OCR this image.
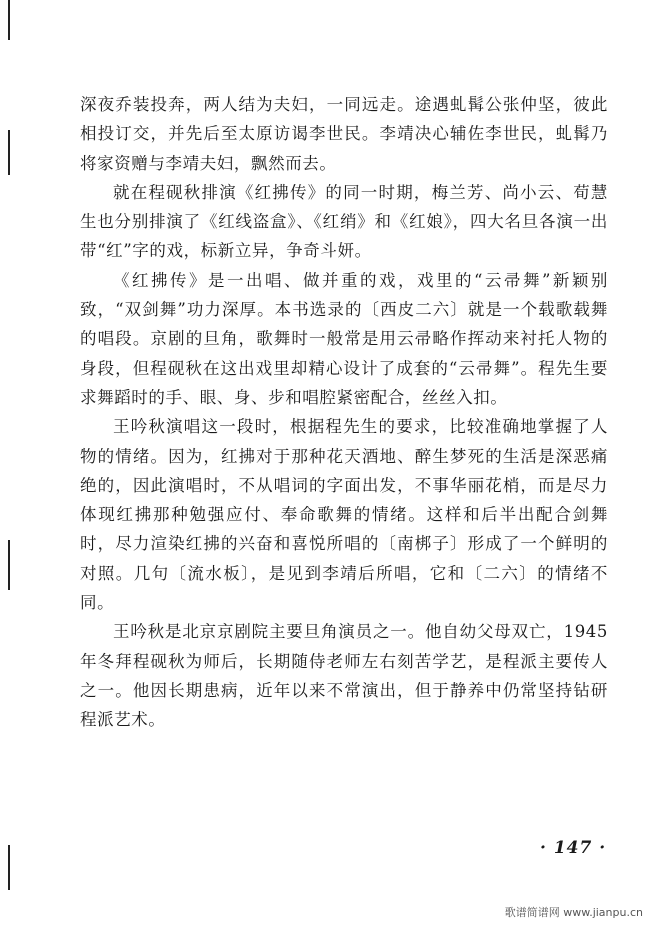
深夜乔装投奔，两人结为夫妇，一同远走。途遇虬髯公张仲坚，彼此相投订交，并先后至太原访谒李世民。李靖决心辅佐李世民，虬髯乃将家资赠与李靖夫妇，飘然而去。

就在程砚秋排演《红拂传》的同一时期，梅兰芳、尚小云、荀慧生也分别排演了《红线盗盒》、《红绡》和《红娘》，四大名旦各演一出带“红”字的戏，标新立异，争奇斗妍。

《红拂传》是一出唱、做并重的戏，戏里的“云帚舞”新颖别致，“双剑舞”功力深厚。本书选录的〔西皮二六〕就是一个载歌载舞的唱段。京剧的旦角，歌舞时一般常是用云帚略作挥动来衬托人物的身段，但程砚秋在这出戏里却精心设计了成套的“云帚舞”。程先生要求舞蹈时的手、眼、身、步和唱腔紧密配合，丝丝入扣。

王吟秋演唱这一段时，根据程先生的要求，比较准确地掌握了人物的情绪。因为，红拂对于那种花天酒地、醉生梦死的生活是深恶痛绝的，因此演唱时，不从唱词的字面出发，不事华丽花梢，而是尽力体现红拂那种勉强应付、奉命歌舞的情绪。这样和后半出配合剑舞时，尽力渲染红拂的兴奋和喜悦所唱的〔南梆子〕形成了一个鲜明的对照。几句〔流水板〕，是见到李靖后所唱，它和〔二六〕的情绪不同。

王吟秋是北京京剧院主要旦角演员之一。他自幼父母双亡，1945年冬拜程砚秋为师后，长期随侍老师左右刻苦学艺，是程派主要传人之一。他因长期患病，近年以来不常演出，但于静养中仍常坚持钻研程派艺术。

· 147 ·
歌谱简谱网 www.jianpu.cn
